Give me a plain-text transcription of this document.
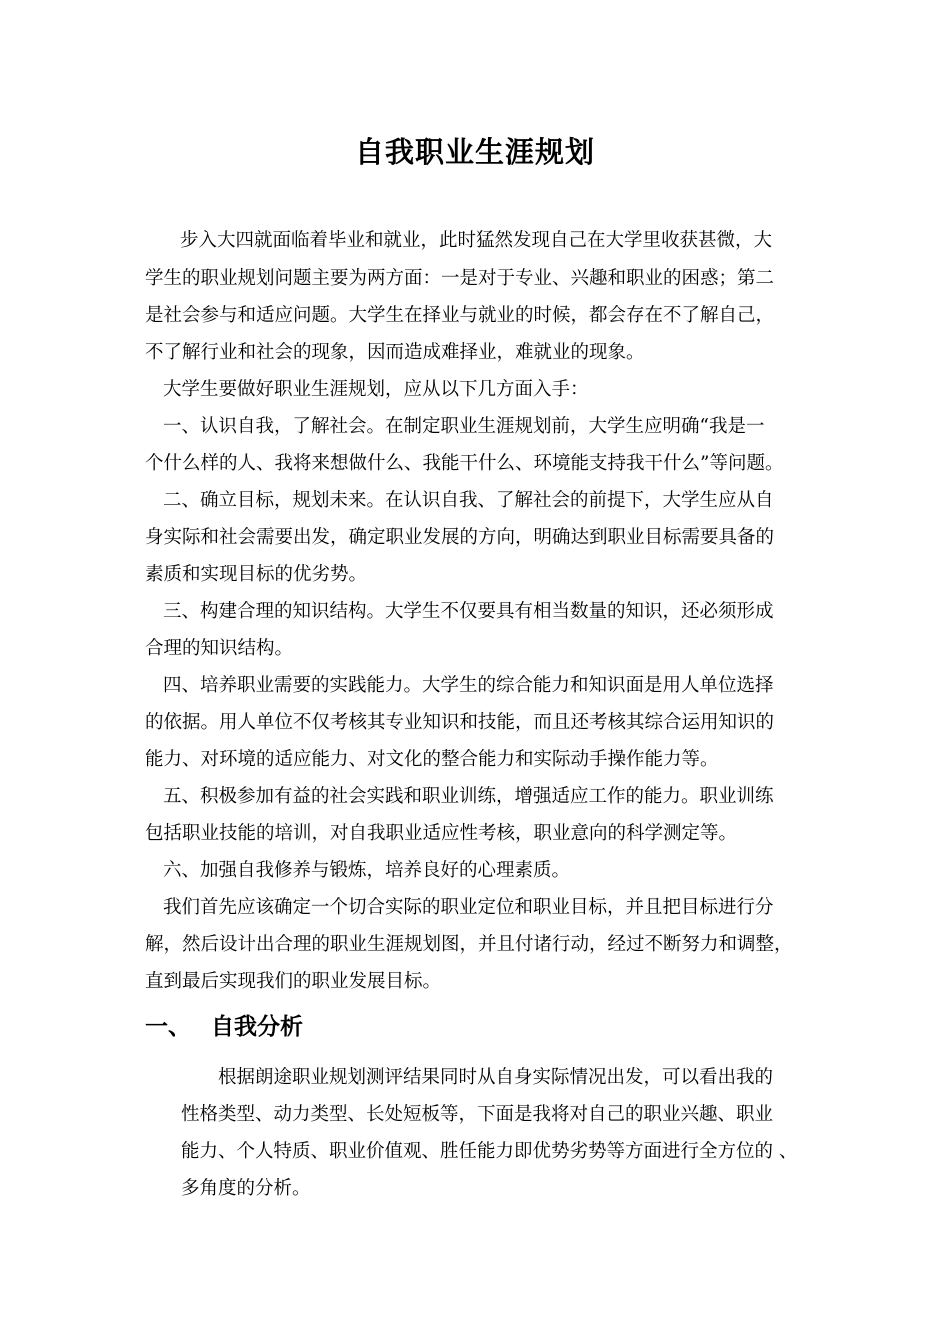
自我职业生涯规划
步入大四就面临着毕业和就业，此时猛然发现自己在大学里收获甚微，大
学生的职业规划问题主要为两方面：一是对于专业、兴趣和职业的困惑；第二
是社会参与和适应问题。大学生在择业与就业的时候，都会存在不了解自己，
不了解行业和社会的现象，因而造成难择业，难就业的现象。
大学生要做好职业生涯规划，应从以下几方面入手：
一、认识自我，了解社会。在制定职业生涯规划前，大学生应明确“我是一
个什么样的人、我将来想做什么、我能干什么、环境能支持我干什么”等问题。
二、确立目标，规划未来。在认识自我、了解社会的前提下，大学生应从自
身实际和社会需要出发，确定职业发展的方向，明确达到职业目标需要具备的
素质和实现目标的优劣势。
三、构建合理的知识结构。大学生不仅要具有相当数量的知识，还必须形成
合理的知识结构。
四、培养职业需要的实践能力。大学生的综合能力和知识面是用人单位选择
的依据。用人单位不仅考核其专业知识和技能，而且还考核其综合运用知识的
能力、对环境的适应能力、对文化的整合能力和实际动手操作能力等。
五、积极参加有益的社会实践和职业训练，增强适应工作的能力。职业训练
包括职业技能的培训，对自我职业适应性考核，职业意向的科学测定等。
六、加强自我修养与锻炼，培养良好的心理素质。
我们首先应该确定一个切合实际的职业定位和职业目标，并且把目标进行分
解，然后设计出合理的职业生涯规划图，并且付诸行动，经过不断努力和调整，
直到最后实现我们的职业发展目标。
一、 自我分析
根据朗途职业规划测评结果同时从自身实际情况出发，可以看出我的
性格类型、动力类型、长处短板等，下面是我将对自己的职业兴趣、职业
能力、个人特质、职业价值观、胜任能力即优势劣势等方面进行全方位的 、
多角度的分析。
